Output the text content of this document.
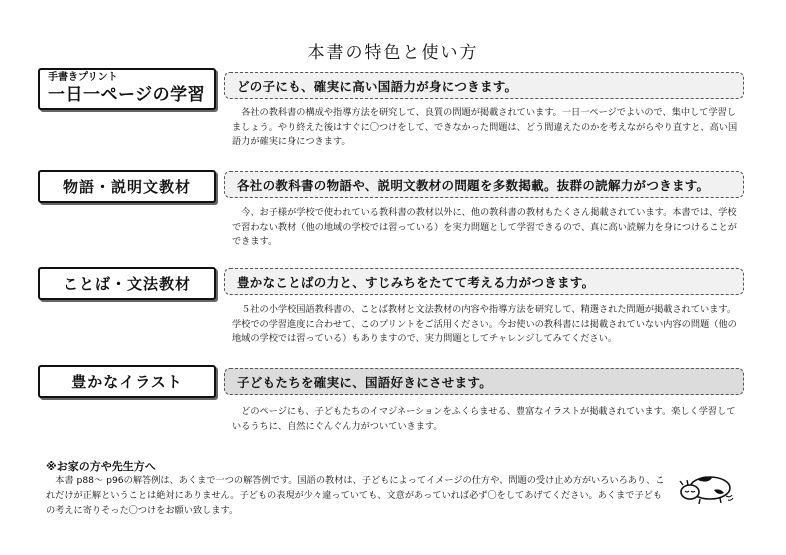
本書の特色と使い方
手書きプリント
一日一ページの学習	どの子にも、確実に高い国語力が身につきます。

各社の教科書の構成や指導方法を研究して、良質の問題が掲載されています。一日一ページでよいので、集中して学習しましょう。やり終えた後はすぐに〇つけをして、できなかった問題は、どう間違えたのかを考えながらやり直すと、高い国語力が確実に身につきます。

物語・説明文教材	各社の教科書の物語や、説明文教材の問題を多数掲載。抜群の読解力がつきます。

今、お子様が学校で使われている教科書の教材以外に、他の教科書の教材もたくさん掲載されています。本書では、学校で習わない教材（他の地域の学校では習っている）を実力問題として学習できるので、真に高い読解力を身につけることができます。

ことば・文法教材	豊かなことばの力と、すじみちをたてて考える力がつきます。

５社の小学校国語教科書の、ことば教材と文法教材の内容や指導方法を研究して、精選された問題が掲載されています。学校での学習進度に合わせて、このプリントをご活用ください。今お使いの教科書には掲載されていない内容の問題（他の地域の学校では習っている）もありますので、実力問題としてチャレンジしてみてください。

豊かなイラスト	子どもたちを確実に、国語好きにさせます。

どのページにも、子どもたちのイマジネーションをふくらませる、豊富なイラストが掲載されています。楽しく学習しているうちに、自然にぐんぐん力がついていきます。

※お家の方や先生方へ

本書 p88～ p96の解答例は、あくまで一つの解答例です。国語の教材は、子どもによってイメージの仕方や、問題の受け止め方がいろいろあり、これだけが正解ということは絶対にありません。子どもの表現が少々違っていても、文意があっていれば必ず〇をしてあげてください。あくまで子どもの考えに寄りそった〇つけをお願い致します。
